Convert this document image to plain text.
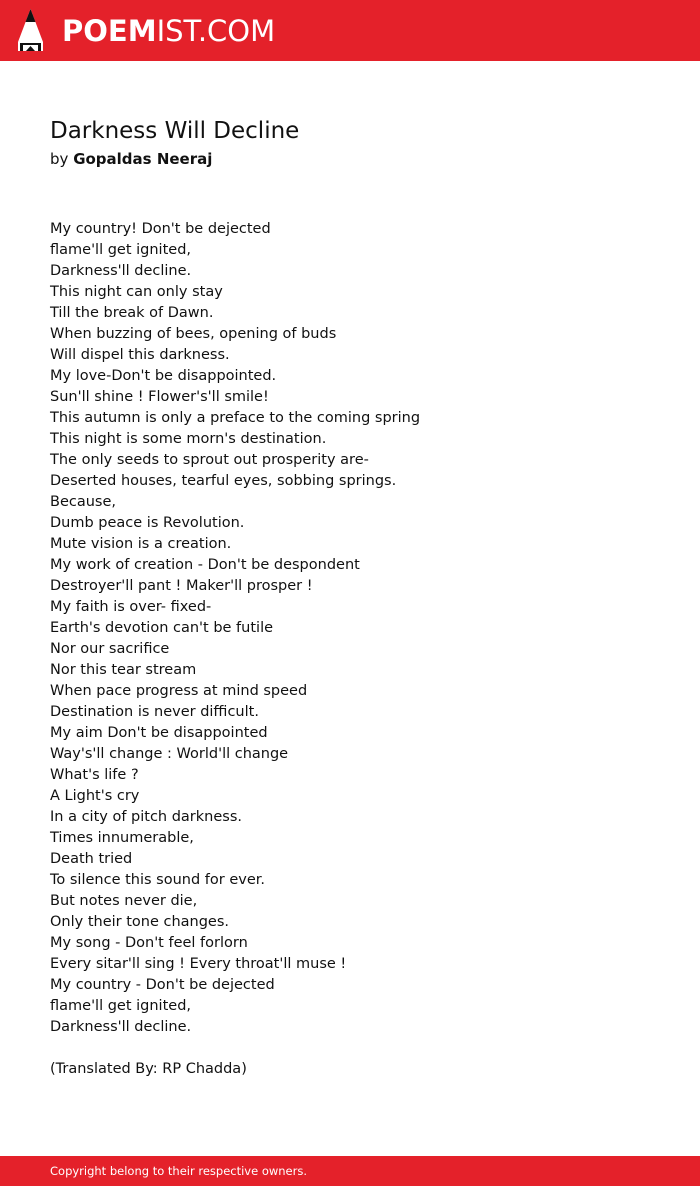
POEMIST.COM
Darkness Will Decline
by Gopaldas Neeraj
My country! Don't be dejected
flame'll get ignited,
Darkness'll decline.
This night can only stay
Till the break of Dawn.
When buzzing of bees, opening of buds
Will dispel this darkness.
My love-Don't be disappointed.
Sun'll shine ! Flower's'll smile!
This autumn is only a preface to the coming spring
This night is some morn's destination.
The only seeds to sprout out prosperity are-
Deserted houses, tearful eyes, sobbing springs.
Because,
Dumb peace is Revolution.
Mute vision is a creation.
My work of creation - Don't be despondent
Destroyer'll pant ! Maker'll prosper !
My faith is over- fixed-
Earth's devotion can't be futile
Nor our sacrifice
Nor this tear stream
When pace progress at mind speed
Destination is never difficult.
My aim Don't be disappointed
Way's'll change : World'll change
What's life ?
A Light's cry
In a city of pitch darkness.
Times innumerable,
Death tried
To silence this sound for ever.
But notes never die,
Only their tone changes.
My song - Don't feel forlorn
Every sitar'll sing ! Every throat'll muse !
My country - Don't be dejected
flame'll get ignited,
Darkness'll decline.
(Translated By: RP Chadda)
Copyright belong to their respective owners.
